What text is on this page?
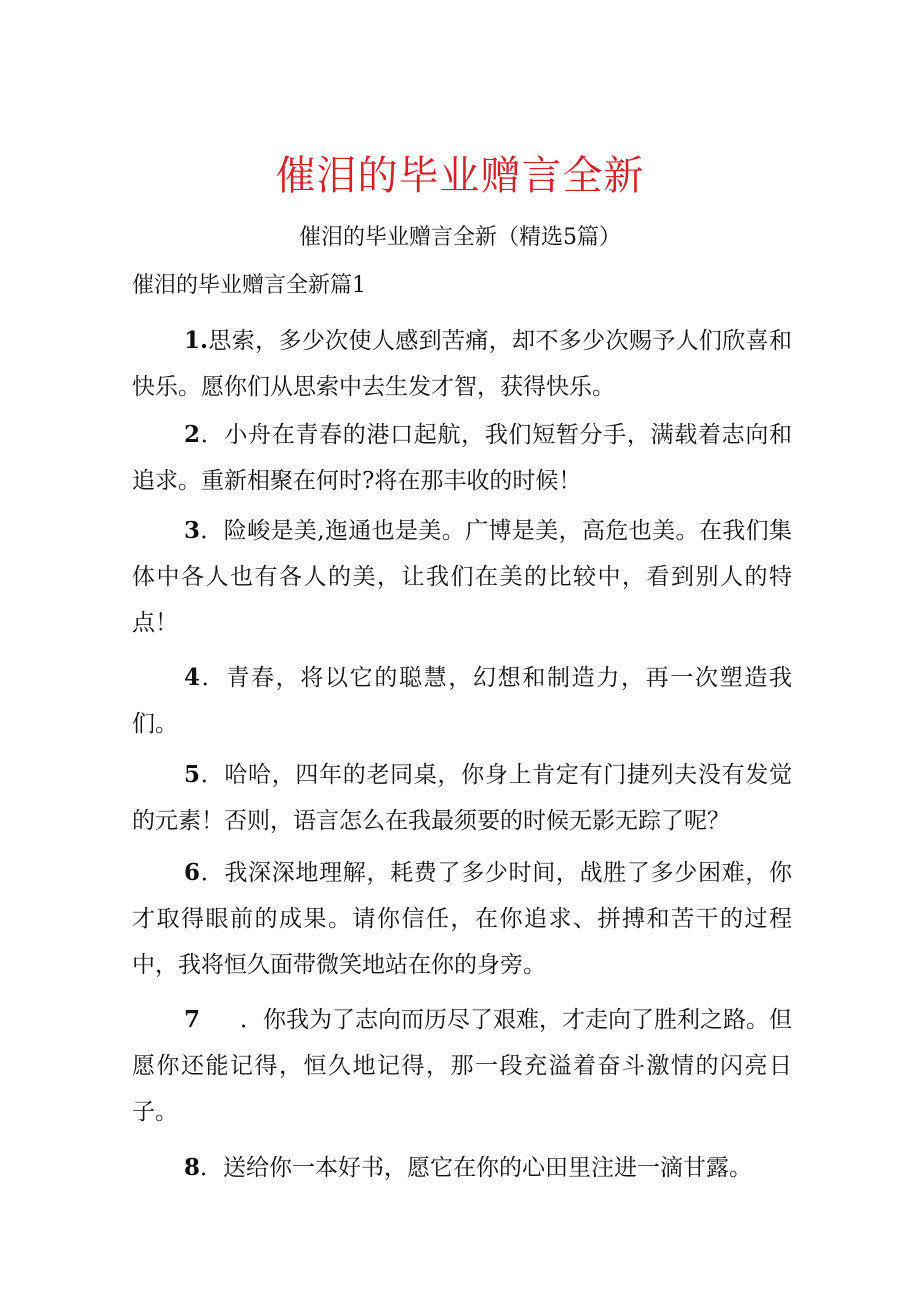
催泪的毕业赠言全新
催泪的毕业赠言全新（精选5篇）
催泪的毕业赠言全新篇1
1.思索，多少次使人感到苦痛，却不多少次赐予人们欣喜和快乐。愿你们从思索中去生发才智，获得快乐。
2．小舟在青春的港口起航，我们短暂分手，满载着志向和追求。重新相聚在何时?将在那丰收的时候！
3．险峻是美,迤通也是美。广博是美，高危也美。在我们集体中各人也有各人的美，让我们在美的比较中，看到别人的特点！
4．青春，将以它的聪慧，幻想和制造力，再一次塑造我们。
5．哈哈，四年的老同桌，你身上肯定有门捷列夫没有发觉的元素！否则，语言怎么在我最须要的时候无影无踪了呢？
6．我深深地理解，耗费了多少时间，战胜了多少困难，你才取得眼前的成果。请你信任，在你追求、拼搏和苦干的过程中，我将恒久面带微笑地站在你的身旁。
7 ．你我为了志向而历尽了艰难，才走向了胜利之路。但愿你还能记得，恒久地记得，那一段充溢着奋斗激情的闪亮日子。
8．送给你一本好书，愿它在你的心田里注进一滴甘露。
